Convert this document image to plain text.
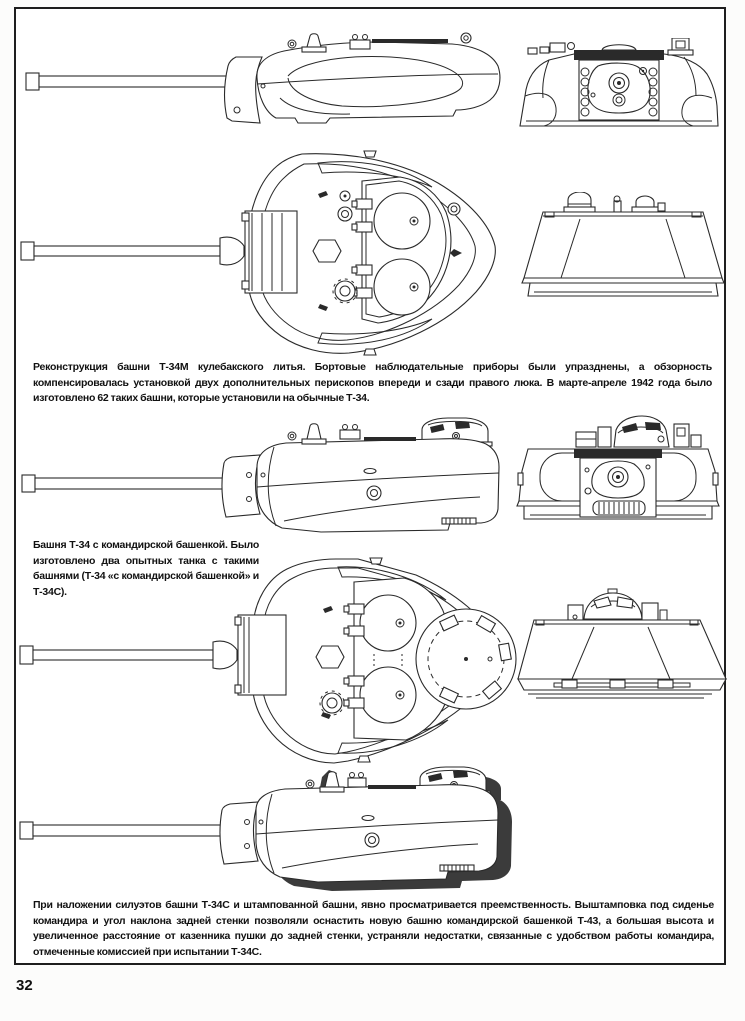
Реконструкция башни Т-34М кулебакского литья. Бортовые наблюдательные приборы были упразднены, а обзорность компенсировалась установкой двух дополнительных перископов впереди и сзади правого люка. В марте-апреле 1942 года было изготовлено 62 таких башни, которые установили на обычные Т-34.
Башня Т-34 с командирской башенкой. Было изготовлено два опытных танка с такими башнями (Т-34 «с командирской башенкой» и Т-34С).
При наложении силуэтов башни Т-34С и штампованной башни, явно просматривается преемственность. Выштамповка под сиденье командира и угол наклона задней стенки позволяли оснастить новую башню командирской башенкой Т-43, а большая высота и увеличенное расстояние от казенника пушки до задней стенки, устраняли недостатки, связанные с удобством работы командира, отмеченные комиссией при испытании Т-34С.
32
